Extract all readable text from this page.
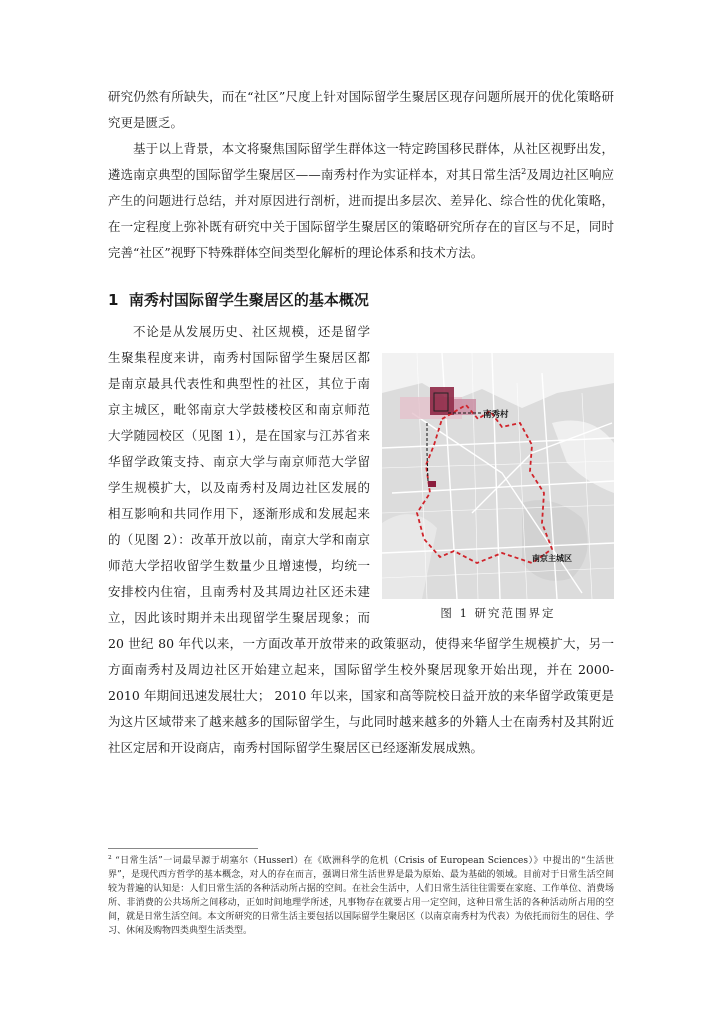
研究仍然有所缺失，而在“社区”尺度上针对国际留学生聚居区现存问题所展开的优化策略研究更是匮乏。

基于以上背景，本文将聚焦国际留学生群体这一特定跨国移民群体，从社区视野出发，遴选南京典型的国际留学生聚居区——南秀村作为实证样本，对其日常生活$^2$及周边社区响应产生的问题进行总结，并对原因进行剖析，进而提出多层次、差异化、综合性的优化策略，在一定程度上弥补既有研究中关于国际留学生聚居区的策略研究所存在的盲区与不足，同时完善“社区”视野下特殊群体空间类型化解析的理论体系和技术方法。

1 南秀村国际留学生聚居区的基本概况
南秀村
南京主城区
图 1 研究范围界定

不论是从发展历史、社区规模，还是留学生聚集程度来讲，南秀村国际留学生聚居区都是南京最具代表性和典型性的社区，其位于南京主城区，毗邻南京大学鼓楼校区和南京师范大学随园校区（见图 1），是在国家与江苏省来华留学政策支持、南京大学与南京师范大学留学生规模扩大，以及南秀村及周边社区发展的相互影响和共同作用下，逐渐形成和发展起来的（见图 2）：改革开放以前，南京大学和南京师范大学招收留学生数量少且增速慢，均统一安排校内住宿，且南秀村及其周边社区还未建立，因此该时期并未出现留学生聚居现象；而 20 世纪 80 年代以来，一方面改革开放带来的政策驱动，使得来华留学生规模扩大，另一方面南秀村及周边社区开始建立起来，国际留学生校外聚居现象开始出现，并在 2000-2010 年期间迅速发展壮大； 2010 年以来，国家和高等院校日益开放的来华留学政策更是为这片区域带来了越来越多的国际留学生，与此同时越来越多的外籍人士在南秀村及其附近社区定居和开设商店，南秀村国际留学生聚居区已经逐渐发展成熟。

$^2$ “日常生活”一词最早源于胡塞尔（Husserl）在《欧洲科学的危机（Crisis of European Sciences）》中提出的“生活世界”，是现代西方哲学的基本概念，对人的存在而言，强调日常生活世界是最为原始、最为基础的领域。目前对于日常生活空间较为普遍的认知是：人们日常生活的各种活动所占据的空间。在社会生活中，人们日常生活往往需要在家庭、工作单位、消费场所、非消费的公共场所之间移动，正如时间地理学所述，凡事物存在就要占用一定空间，这种日常生活的各种活动所占用的空间，就是日常生活空间。本文所研究的日常生活主要包括以国际留学生聚居区（以南京南秀村为代表）为依托而衍生的居住、学习、休闲及购物四类典型生活类型。
